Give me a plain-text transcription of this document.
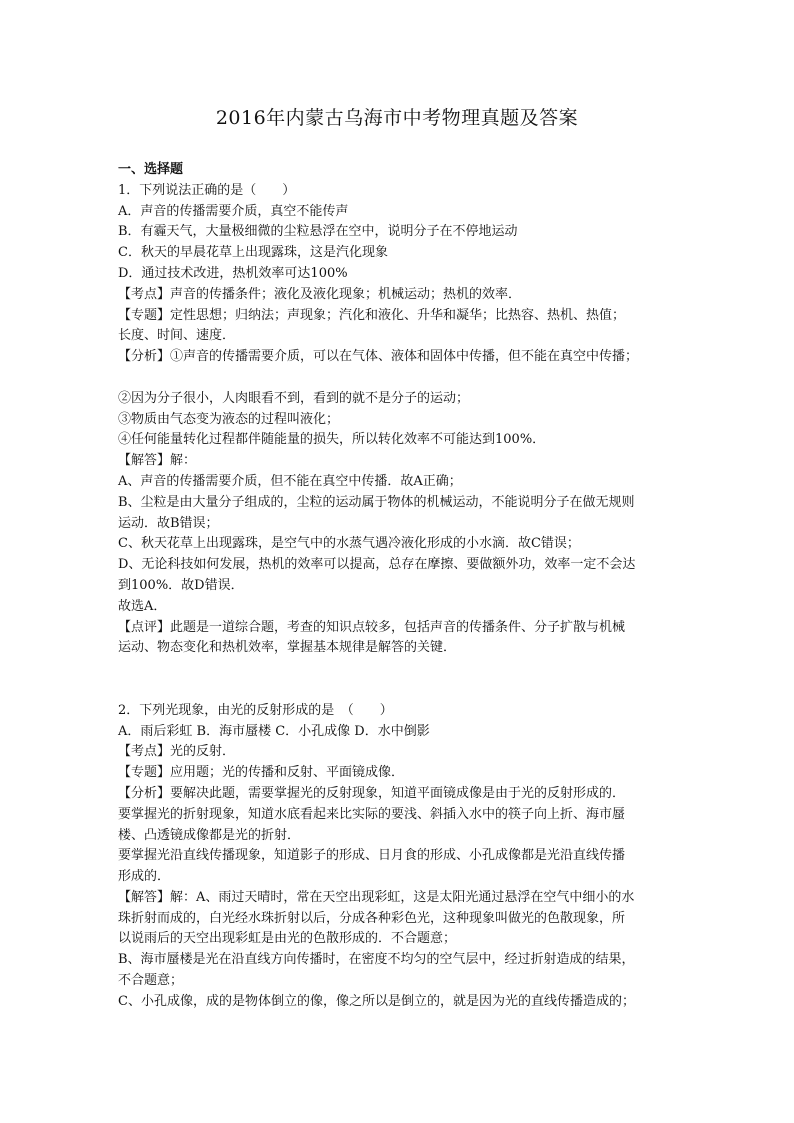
2016年内蒙古乌海市中考物理真题及答案
一、选择题
1．下列说法正确的是（　　）
A．声音的传播需要介质，真空不能传声
B．有霾天气，大量极细微的尘粒悬浮在空中，说明分子在不停地运动
C．秋天的早晨花草上出现露珠，这是汽化现象
D．通过技术改进，热机效率可达100%
【考点】声音的传播条件；液化及液化现象；机械运动；热机的效率．
【专题】定性思想；归纳法；声现象；汽化和液化、升华和凝华；比热容、热机、热值；
长度、时间、速度．
【分析】①声音的传播需要介质，可以在气体、液体和固体中传播，但不能在真空中传播；
②因为分子很小，人肉眼看不到，看到的就不是分子的运动；
③物质由气态变为液态的过程叫液化；
④任何能量转化过程都伴随能量的损失，所以转化效率不可能达到100%．
【解答】解：
A、声音的传播需要介质，但不能在真空中传播．故A正确；
B、尘粒是由大量分子组成的，尘粒的运动属于物体的机械运动，不能说明分子在做无规则
运动．故B错误；
C、秋天花草上出现露珠，是空气中的水蒸气遇冷液化形成的小水滴．故C错误；
D、无论科技如何发展，热机的效率可以提高，总存在摩擦、要做额外功，效率一定不会达
到100%．故D错误．
故选A．
【点评】此题是一道综合题，考查的知识点较多，包括声音的传播条件、分子扩散与机械
运动、物态变化和热机效率，掌握基本规律是解答的关键．
2．下列光现象，由光的反射形成的是　（　　）
A．雨后彩虹 B．海市蜃楼 C．小孔成像 D．水中倒影
【考点】光的反射．
【专题】应用题；光的传播和反射、平面镜成像．
【分析】要解决此题，需要掌握光的反射现象，知道平面镜成像是由于光的反射形成的．
要掌握光的折射现象，知道水底看起来比实际的要浅、斜插入水中的筷子向上折、海市蜃
楼、凸透镜成像都是光的折射．
要掌握光沿直线传播现象，知道影子的形成、日月食的形成、小孔成像都是光沿直线传播
形成的．
【解答】解：A、雨过天晴时，常在天空出现彩虹，这是太阳光通过悬浮在空气中细小的水
珠折射而成的，白光经水珠折射以后，分成各种彩色光，这种现象叫做光的色散现象，所
以说雨后的天空出现彩虹是由光的色散形成的．不合题意；
B、海市蜃楼是光在沿直线方向传播时，在密度不均匀的空气层中，经过折射造成的结果，
不合题意；
C、小孔成像，成的是物体倒立的像，像之所以是倒立的，就是因为光的直线传播造成的；
